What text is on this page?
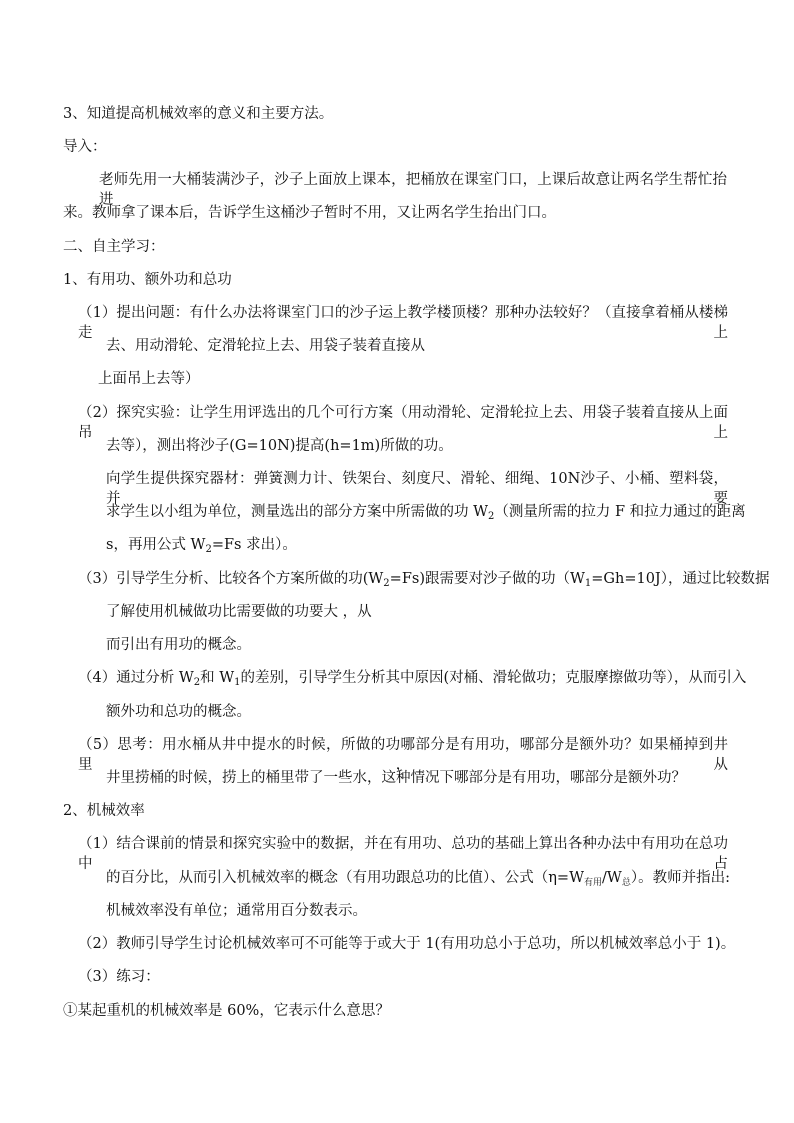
3、知道提高机械效率的意义和主要方法。
导入：
老师先用一大桶装满沙子，沙子上面放上课本，把桶放在课室门口，上课后故意让两名学生帮忙抬进
来。教师拿了课本后，告诉学生这桶沙子暂时不用，又让两名学生抬出门口。
二、自主学习：
1、有用功、额外功和总功
（1）提出问题：有什么办法将课室门口的沙子运上教学楼顶楼？那种办法较好？（直接拿着桶从楼梯走上
去、用动滑轮、定滑轮拉上去、用袋子装着直接从
上面吊上去等）
（2）探究实验：让学生用评选出的几个可行方案（用动滑轮、定滑轮拉上去、用袋子装着直接从上面吊上
去等），测出将沙子(G=10N)提高(h=1m)所做的功。
向学生提供探究器材：弹簧测力计、铁架台、刻度尺、滑轮、细绳、10N沙子、小桶、塑料袋，并要
求学生以小组为单位，测量选出的部分方案中所需做的功 $W_2$（测量所需的拉力 F 和拉力通过的距离
s，再用公式 $W_2=Fs$ 求出）。
（3）引导学生分析、比较各个方案所做的功$(W_2=Fs)$跟需要对沙子做的功$(W_1=Gh=10J)$，通过比较数据
了解使用机械做功比需要做的功要大 ，从
而引出有用功的概念。
（4）通过分析 $W_2$和 $W_1$的差别，引导学生分析其中原因(对桶、滑轮做功；克服摩擦做功等），从而引入
额外功和总功的概念。
（5）思考：用水桶从井中提水的时候，所做的功哪部分是有用功，哪部分是额外功？如果桶掉到井里，从
井里捞桶的时候，捞上的桶里带了一些水，这种情况下哪部分是有用功，哪部分是额外功？
2、机械效率
（1）结合课前的情景和探究实验中的数据，并在有用功、总功的基础上算出各种办法中有用功在总功中占
的百分比，从而引入机械效率的概念（有用功跟总功的比值）、公式$(\eta=W_{有用}/W_总)$。教师并指出:
机械效率没有单位；通常用百分数表示。
（2）教师引导学生讨论机械效率可不可能等于或大于 1(有用功总小于总功，所以机械效率总小于 1)。
（3）练习：
①某起重机的机械效率是 60%，它表示什么意思？
